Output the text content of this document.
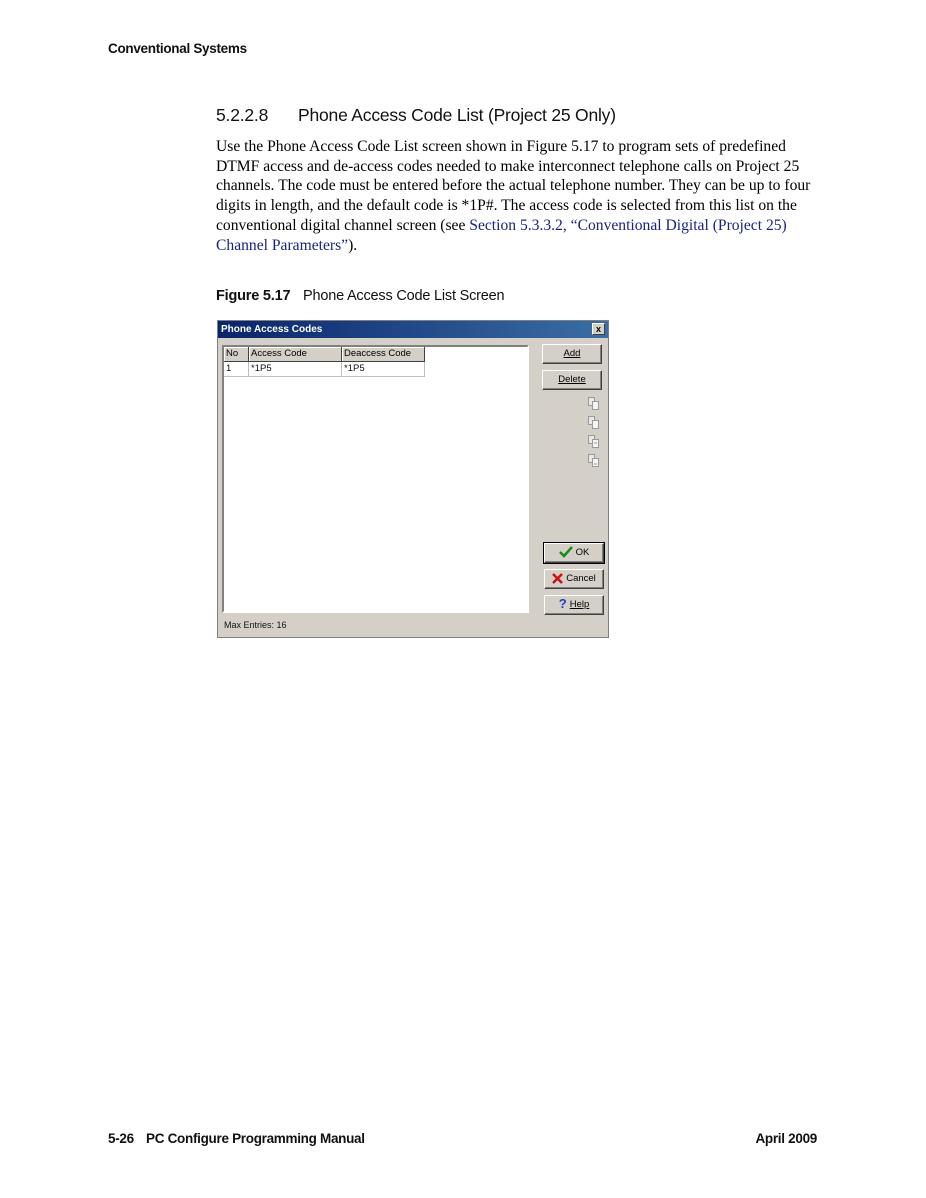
Conventional Systems
5.2.2.8 Phone Access Code List (Project 25 Only)
Use the Phone Access Code List screen shown in Figure 5.17 to program sets of predefined DTMF access and de-access codes needed to make interconnect telephone calls on Project 25 channels. The code must be entered before the actual telephone number. They can be up to four digits in length, and the default code is *1P#. The access code is selected from this list on the conventional digital channel screen (see Section 5.3.3.2, “Conventional Digital (Project 25) Channel Parameters”).
Figure 5.17 Phone Access Code List Screen
Phone Access Codes	x
No	Access Code	Deaccess Code
1	*1P5	*1P5
Add
Delete
OK
Cancel
? Help
Max Entries: 16
5-26 PC Configure Programming Manual	April 2009
